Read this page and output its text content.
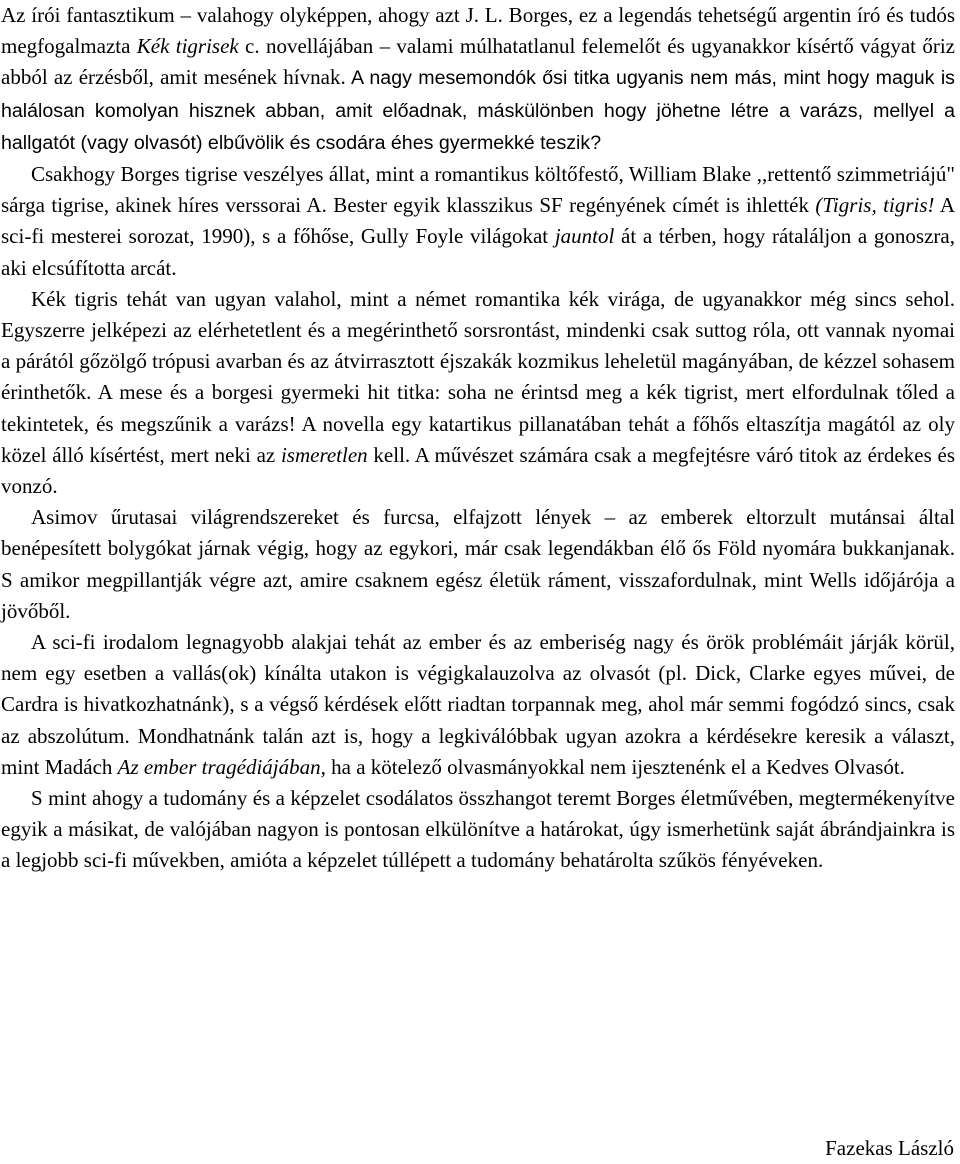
Az írói fantasztikum – valahogy olyképpen, ahogy azt J. L. Borges, ez a legendás tehetségű argentin író és tudós megfogalmazta Kék tigrisek c. novellájában – valami múlhatatlanul felemelőt és ugyanakkor kísértő vágyat őriz abból az érzésből, amit mesének hívnak. A nagy mesemondók ősi titka ugyanis nem más, mint hogy maguk is halálosan komolyan hisznek abban, amit előadnak, máskülönben hogy jöhetne létre a varázs, mellyel a hallgatót (vagy olvasót) elbűvölik és csodára éhes gyermekké teszik?

Csakhogy Borges tigrise veszélyes állat, mint a romantikus költőfestő, William Blake ,,rettentő szimmetriájú" sárga tigrise, akinek híres verssorai A. Bester egyik klasszikus SF regényének címét is ihlették (Tigris, tigris! A sci-fi mesterei sorozat, 1990), s a főhőse, Gully Foyle világokat jauntol át a térben, hogy rátaláljon a gonoszra, aki elcsúfította arcát.

Kék tigris tehát van ugyan valahol, mint a német romantika kék virága, de ugyanakkor még sincs sehol. Egyszerre jelképezi az elérhetetlent és a megérinthető sorsrontást, mindenki csak suttog róla, ott vannak nyomai a párától gőzölgő trópusi avarban és az átvirrasztott éjszakák kozmikus leheletül magányában, de kézzel sohasem érinthetők. A mese és a borgesi gyermeki hit titka: soha ne érintsd meg a kék tigrist, mert elfordulnak tőled a tekintetek, és megszűnik a varázs! A novella egy katartikus pillanatában tehát a főhős eltaszítja magától az oly közel álló kísértést, mert neki az ismeretlen kell. A művészet számára csak a megfejtésre váró titok az érdekes és vonzó.

Asimov űrutasai világrendszereket és furcsa, elfajzott lények – az emberek eltorzult mutánsai által benépesített bolygókat járnak végig, hogy az egykori, már csak legendákban élő ős Föld nyomára bukkanjanak. S amikor megpillantják végre azt, amire csaknem egész életük ráment, visszafordulnak, mint Wells időjárója a jövőből.

A sci-fi irodalom legnagyobb alakjai tehát az ember és az emberiség nagy és örök problémáit járják körül, nem egy esetben a vallás(ok) kínálta utakon is végigkalauzolva az olvasót (pl. Dick, Clarke egyes művei, de Cardra is hivatkozhatnánk), s a végső kérdések előtt riadtan torpannak meg, ahol már semmi fogódzó sincs, csak az abszolútum. Mondhatnánk talán azt is, hogy a legkiválóbbak ugyan azokra a kérdésekre keresik a választ, mint Madách Az ember tragédiájában, ha a kötelező olvasmányokkal nem ijesztenénk el a Kedves Olvasót.

S mint ahogy a tudomány és a képzelet csodálatos összhangot teremt Borges életművében, megtermékenyítve egyik a másikat, de valójában nagyon is pontosan elkülönítve a határokat, úgy ismerhetünk saját ábrándjainkra is a legjobb sci-fi művekben, amióta a képzelet túllépett a tudomány behatárolta szűkös fényéveken.

Fazekas László
